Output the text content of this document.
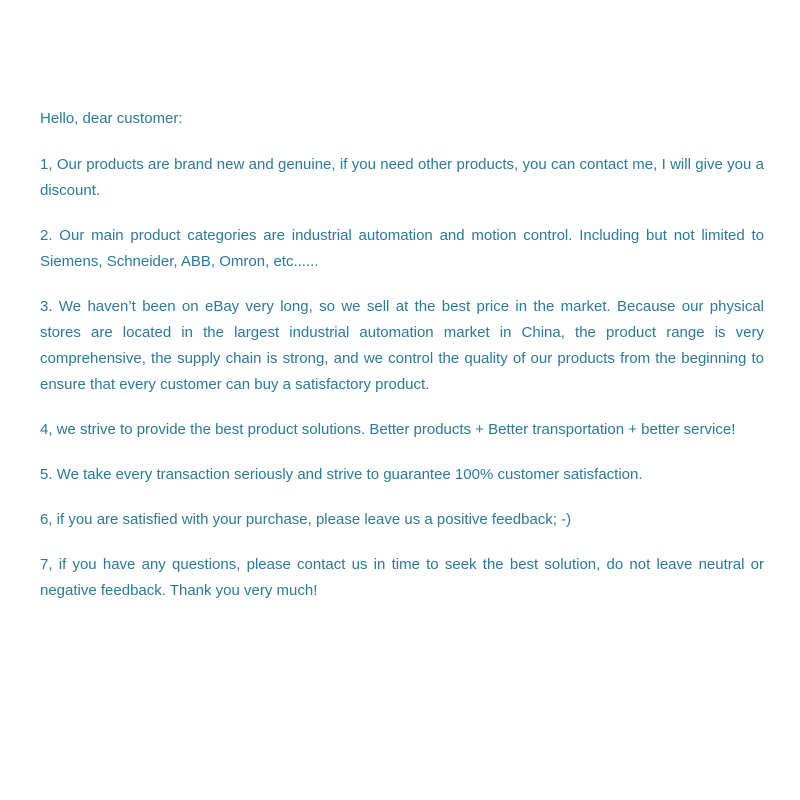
Hello, dear customer:

1, Our products are brand new and genuine, if you need other products, you can contact me, I will give you a discount.

2. Our main product categories are industrial automation and motion control. Including but not limited to Siemens, Schneider, ABB, Omron, etc......

3. We haven’t been on eBay very long, so we sell at the best price in the market. Because our physical stores are located in the largest industrial automation market in China, the product range is very comprehensive, the supply chain is strong, and we control the quality of our products from the beginning to ensure that every customer can buy a satisfactory product.

4, we strive to provide the best product solutions. Better products + Better transportation + better service!

5. We take every transaction seriously and strive to guarantee 100% customer satisfaction.

6, if you are satisfied with your purchase, please leave us a positive feedback; -)

7, if you have any questions, please contact us in time to seek the best solution, do not leave neutral or negative feedback. Thank you very much!
